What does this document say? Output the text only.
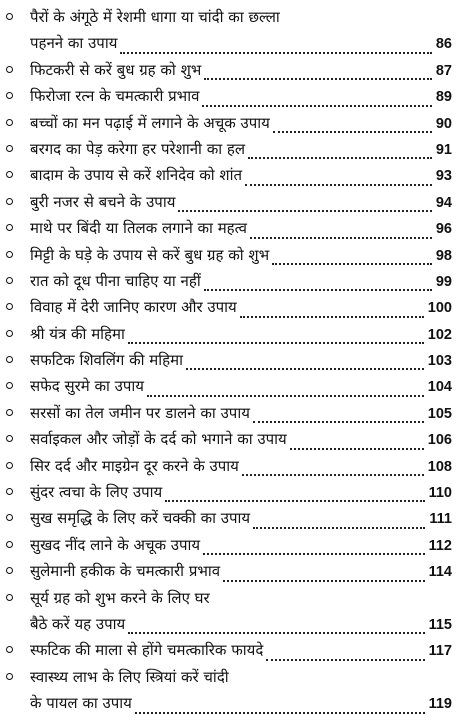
पैरों के अंगूठे में रेशमी धागा या चांदी का छल्ला
पहनने का उपाय	86
फिटकरी से करें बुध ग्रह को शुभ	87
फिरोजा रत्न के चमत्कारी प्रभाव	89
बच्चों का मन पढ़ाई में लगाने के अचूक उपाय	90
बरगद का पेड़ करेगा हर परेशानी का हल	91
बादाम के उपाय से करें शनिदेव को शांत	93
बुरी नजर से बचने के उपाय	94
माथे पर बिंदी या तिलक लगाने का महत्व	96
मिट्टी के घड़े के उपाय से करें बुध ग्रह को शुभ	98
रात को दूध पीना चाहिए या नहीं	99
विवाह में देरी जानिए कारण और उपाय	100
श्री यंत्र की महिमा	102
सफटिक शिवलिंग की महिमा	103
सफेद सुरमे का उपाय	104
सरसों का तेल जमीन पर डालने का उपाय	105
सर्वाइकल और जोड़ों के दर्द को भगाने का उपाय	106
सिर दर्द और माइग्रेन दूर करने के उपाय	108
सुंदर त्वचा के लिए उपाय	110
सुख समृद्धि के लिए करें चक्की का उपाय	111
सुखद नींद लाने के अचूक उपाय	112
सुलेमानी हकीक के चमत्कारी प्रभाव	114
सूर्य ग्रह को शुभ करने के लिए घर
बैठे करें यह उपाय	115
स्फटिक की माला से होंगे चमत्कारिक फायदे	117
स्वास्थ्य लाभ के लिए स्त्रियां करें चांदी
के पायल का उपाय	119
